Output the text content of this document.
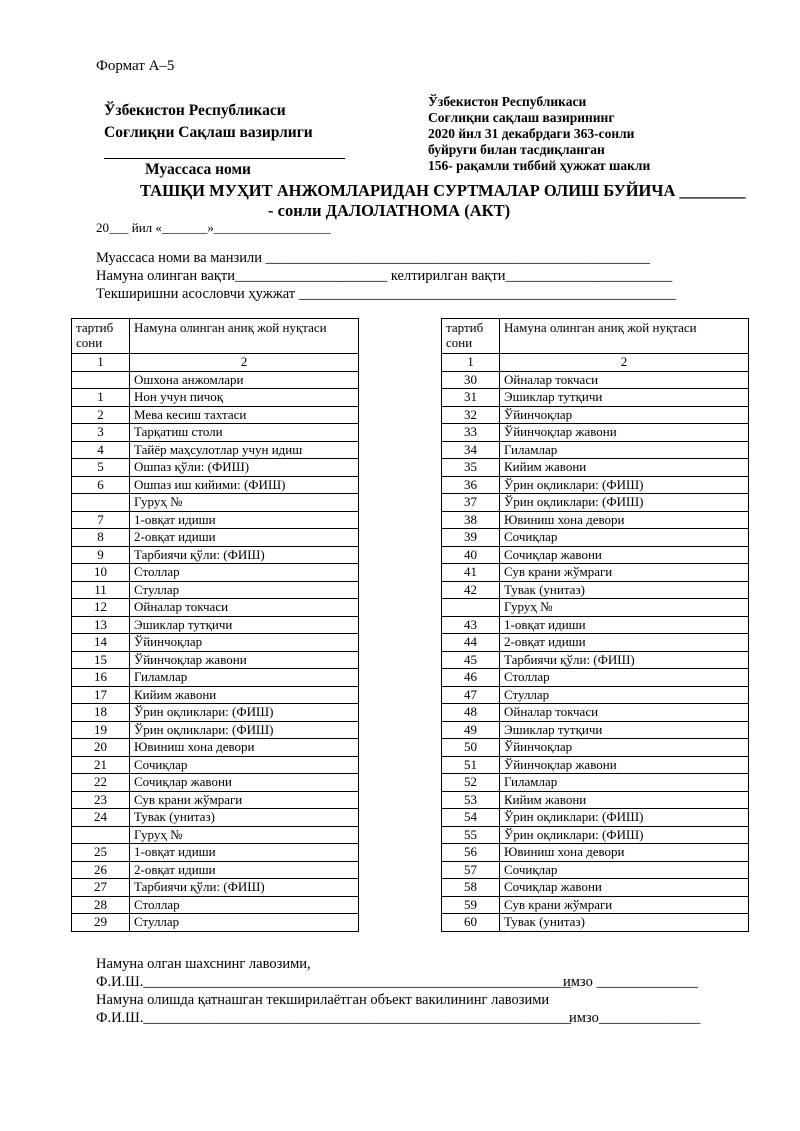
Формат А–5
Ўзбекистон Республикаси
Соғлиқни Сақлаш вазирлиги
Муассаса номи
Ўзбекистон Республикаси
Соғлиқни сақлаш вазирининг
2020 йил 31 декабрдаги 363-сонли
буйруғи билан тасдиқланган
156- рақамли тиббий ҳужжат шакли
ТАШҚИ МУҲИТ АНЖОМЛАРИДАН СУРТМАЛАР ОЛИШ БУЙИЧА ________
- сонли ДАЛОЛАТНОМА (АКТ)
20___ йил «_______»__________________
Муассаса номи ва манзили _____________________________________________________
Намуна олинган вақти_____________________ келтирилган вақти_______________________
Текширишни асословчи ҳужжат ____________________________________________________
тартиб сони	Намуна олинган аниқ жой нуқтаси
1	2
	Ошхона анжомлари
1	Нон учун пичоқ
2	Мева кесиш тахтаси
3	Тарқатиш столи
4	Тайёр маҳсулотлар учун идиш
5	Ошпаз қўли: (ФИШ)
6	Ошпаз иш кийими: (ФИШ)
	Гуруҳ №
7	1-овқат идиши
8	2-овқат идиши
9	Тарбиячи қўли: (ФИШ)
10	Столлар
11	Стуллар
12	Ойналар токчаси
13	Эшиклар тутқичи
14	Ўйинчоқлар
15	Ўйинчоқлар жавони
16	Гиламлар
17	Кийим жавони
18	Ўрин оқликлари: (ФИШ)
19	Ўрин оқликлари: (ФИШ)
20	Ювиниш хона девори
21	Сочиқлар
22	Сочиқлар жавони
23	Сув крани жўмраги
24	Тувак (унитаз)
	Гуруҳ №
25	1-овқат идиши
26	2-овқат идиши
27	Тарбиячи қўли: (ФИШ)
28	Столлар
29	Стуллар
тартиб сони	Намуна олинган аниқ жой нуқтаси
1	2
30	Ойналар токчаси
31	Эшиклар тутқичи
32	Ўйинчоқлар
33	Ўйинчоқлар жавони
34	Гиламлар
35	Кийим жавони
36	Ўрин оқликлари: (ФИШ)
37	Ўрин оқликлари: (ФИШ)
38	Ювиниш хона девори
39	Сочиқлар
40	Сочиқлар жавони
41	Сув крани жўмраги
42	Тувак (унитаз)
	Гуруҳ №
43	1-овқат идиши
44	2-овқат идиши
45	Тарбиячи қўли: (ФИШ)
46	Столлар
47	Стуллар
48	Ойналар токчаси
49	Эшиклар тутқичи
50	Ўйинчоқлар
51	Ўйинчоқлар жавони
52	Гиламлар
53	Кийим жавони
54	Ўрин оқликлари: (ФИШ)
55	Ўрин оқликлари: (ФИШ)
56	Ювиниш хона девори
57	Сочиқлар
58	Сочиқлар жавони
59	Сув крани жўмраги
60	Тувак (унитаз)
Намуна олган шахснинг лавозими,
Ф.И.Ш.___________________________________________________________
имзо ______________
Намуна олишда қатнашган текширилаётган объект вакилининг лавозими
Ф.И.Ш.___________________________________________________________
имзо______________
